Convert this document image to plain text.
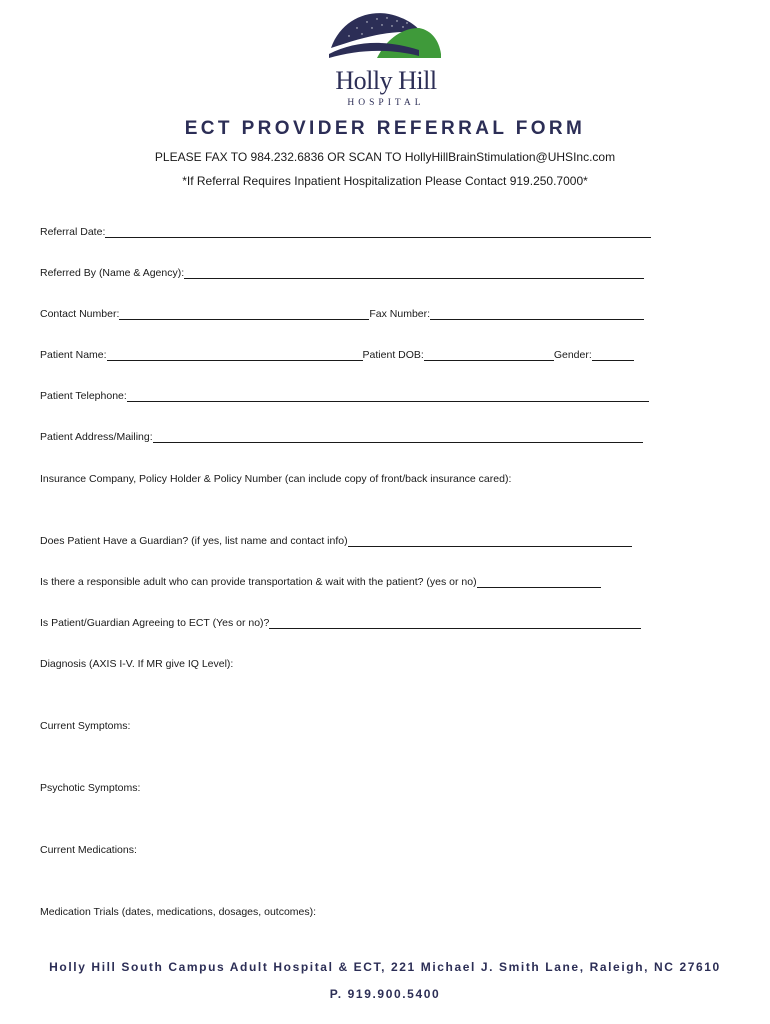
Holly Hill
HOSPITAL
ECT PROVIDER REFERRAL FORM
PLEASE FAX TO 984.232.6836 OR SCAN TO HollyHillBrainStimulation@UHSInc.com
*If Referral Requires Inpatient Hospitalization Please Contact 919.250.7000*
Referral Date:
Referred By (Name & Agency):
Contact Number:	Fax Number:
Patient Name:	Patient DOB:	Gender:
Patient Telephone:
Patient Address/Mailing:
Insurance Company, Policy Holder & Policy Number (can include copy of front/back insurance cared):
Does Patient Have a Guardian? (if yes, list name and contact info)
Is there a responsible adult who can provide transportation & wait with the patient? (yes or no)
Is Patient/Guardian Agreeing to ECT (Yes or no)?
Diagnosis (AXIS I-V. If MR give IQ Level):
Current Symptoms:
Psychotic Symptoms:
Current Medications:
Medication Trials (dates, medications, dosages, outcomes):
Holly Hill South Campus Adult Hospital & ECT, 221 Michael J. Smith Lane, Raleigh, NC 27610
P. 919.900.5400
